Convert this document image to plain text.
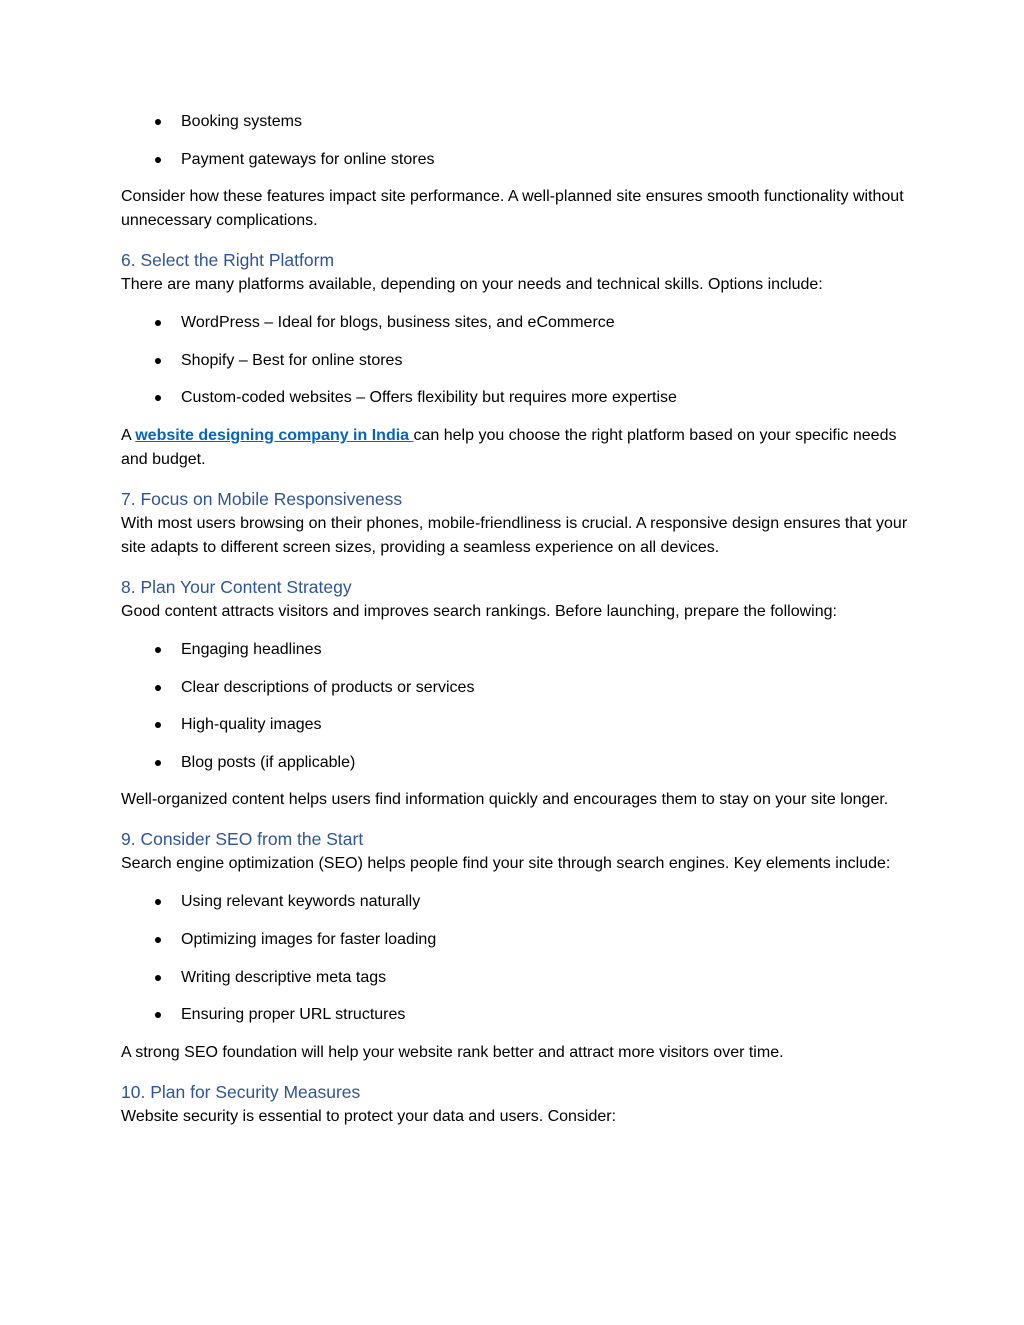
Booking systems
Payment gateways for online stores

Consider how these features impact site performance. A well-planned site ensures smooth functionality without unnecessary complications.

6. Select the Right Platform

There are many platforms available, depending on your needs and technical skills. Options include:

WordPress – Ideal for blogs, business sites, and eCommerce
Shopify – Best for online stores
Custom-coded websites – Offers flexibility but requires more expertise

A website designing company in India can help you choose the right platform based on your specific needs and budget.

7. Focus on Mobile Responsiveness

With most users browsing on their phones, mobile-friendliness is crucial. A responsive design ensures that your site adapts to different screen sizes, providing a seamless experience on all devices.

8. Plan Your Content Strategy

Good content attracts visitors and improves search rankings. Before launching, prepare the following:

Engaging headlines
Clear descriptions of products or services
High-quality images
Blog posts (if applicable)

Well-organized content helps users find information quickly and encourages them to stay on your site longer.

9. Consider SEO from the Start

Search engine optimization (SEO) helps people find your site through search engines. Key elements include:

Using relevant keywords naturally
Optimizing images for faster loading
Writing descriptive meta tags
Ensuring proper URL structures

A strong SEO foundation will help your website rank better and attract more visitors over time.

10. Plan for Security Measures

Website security is essential to protect your data and users. Consider:
